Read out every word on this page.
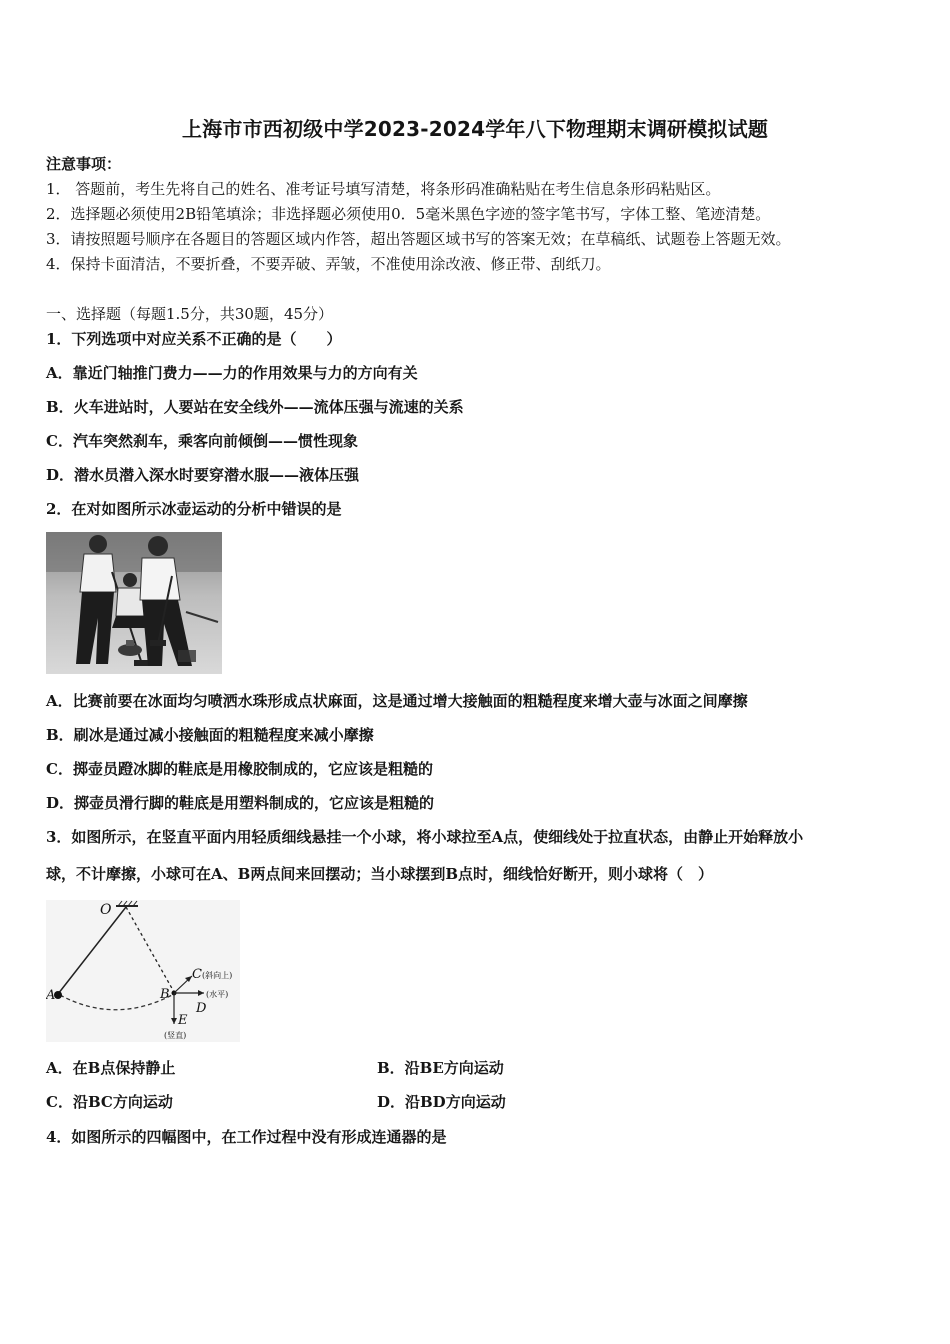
上海市市西初级中学2023-2024学年八下物理期末调研模拟试题
注意事项：
1． 答题前，考生先将自己的姓名、准考证号填写清楚，将条形码准确粘贴在考生信息条形码粘贴区。
2．选择题必须使用2B铅笔填涂；非选择题必须使用0．5毫米黑色字迹的签字笔书写，字体工整、笔迹清楚。
3．请按照题号顺序在各题目的答题区域内作答，超出答题区域书写的答案无效；在草稿纸、试题卷上答题无效。
4．保持卡面清洁，不要折叠，不要弄破、弄皱，不准使用涂改液、修正带、刮纸刀。
一、选择题（每题1.5分，共30题，45分）
1．下列选项中对应关系不正确的是（　　）
A．靠近门轴推门费力——力的作用效果与力的方向有关
B．火车进站时，人要站在安全线外——流体压强与流速的关系
C．汽车突然刹车，乘客向前倾倒——惯性现象
D．潜水员潜入深水时要穿潜水服——液体压强
2．在对如图所示冰壶运动的分析中错误的是
A．比赛前要在冰面均匀喷洒水珠形成点状麻面，这是通过增大接触面的粗糙程度来增大壶与冰面之间摩擦
B．刷冰是通过减小接触面的粗糙程度来减小摩擦
C．掷壶员蹬冰脚的鞋底是用橡胶制成的，它应该是粗糙的
D．掷壶员滑行脚的鞋底是用塑料制成的，它应该是粗糙的
3．如图所示，在竖直平面内用轻质细线悬挂一个小球，将小球拉至A点，使细线处于拉直状态，由静止开始释放小
球，不计摩擦，小球可在A、B两点间来回摆动；当小球摆到B点时，细线恰好断开，则小球将（　）
O
A	B
C (斜向上)
D
(水平)
E
(竖直)
A．在B点保持静止	B．沿BE方向运动
C．沿BC方向运动	D．沿BD方向运动
4．如图所示的四幅图中，在工作过程中没有形成连通器的是
